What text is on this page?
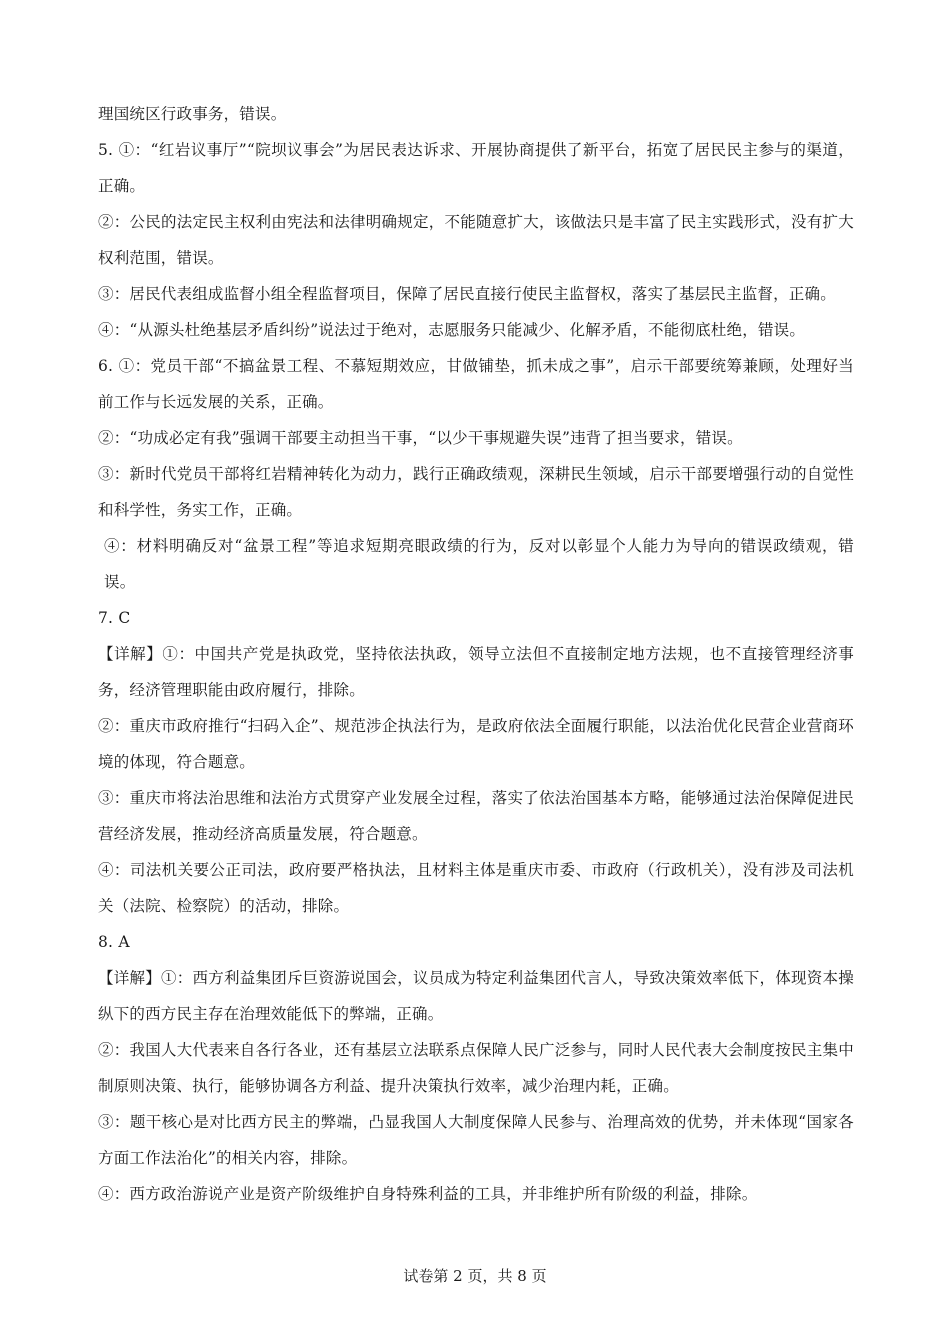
理国统区行政事务，错误。

5. ①：“红岩议事厅”“院坝议事会”为居民表达诉求、开展协商提供了新平台，拓宽了居民民主参与的渠道，正确。

②：公民的法定民主权利由宪法和法律明确规定，不能随意扩大，该做法只是丰富了民主实践形式，没有扩大权利范围，错误。

③：居民代表组成监督小组全程监督项目，保障了居民直接行使民主监督权，落实了基层民主监督，正确。

④：“从源头杜绝基层矛盾纠纷”说法过于绝对，志愿服务只能减少、化解矛盾，不能彻底杜绝，错误。

6. ①：党员干部“不搞盆景工程、不慕短期效应，甘做铺垫，抓未成之事”，启示干部要统筹兼顾，处理好当前工作与长远发展的关系，正确。

②：“功成必定有我”强调干部要主动担当干事，“以少干事规避失误”违背了担当要求，错误。

③：新时代党员干部将红岩精神转化为动力，践行正确政绩观，深耕民生领域，启示干部要增强行动的自觉性和科学性，务实工作，正确。

④：材料明确反对“盆景工程”等追求短期亮眼政绩的行为，反对以彰显个人能力为导向的错误政绩观，错误。

7. C

【详解】①：中国共产党是执政党，坚持依法执政，领导立法但不直接制定地方法规，也不直接管理经济事务，经济管理职能由政府履行，排除。

②：重庆市政府推行“扫码入企”、规范涉企执法行为，是政府依法全面履行职能，以法治优化民营企业营商环境的体现，符合题意。

③：重庆市将法治思维和法治方式贯穿产业发展全过程，落实了依法治国基本方略，能够通过法治保障促进民营经济发展，推动经济高质量发展，符合题意。

④：司法机关要公正司法，政府要严格执法，且材料主体是重庆市委、市政府（行政机关），没有涉及司法机关（法院、检察院）的活动，排除。

8. A

【详解】①：西方利益集团斥巨资游说国会，议员成为特定利益集团代言人，导致决策效率低下，体现资本操纵下的西方民主存在治理效能低下的弊端，正确。

②：我国人大代表来自各行各业，还有基层立法联系点保障人民广泛参与，同时人民代表大会制度按民主集中制原则决策、执行，能够协调各方利益、提升决策执行效率，减少治理内耗，正确。

③：题干核心是对比西方民主的弊端，凸显我国人大制度保障人民参与、治理高效的优势，并未体现“国家各方面工作法治化”的相关内容，排除。

④：西方政治游说产业是资产阶级维护自身特殊利益的工具，并非维护所有阶级的利益，排除。

试卷第 2 页，共 8 页
